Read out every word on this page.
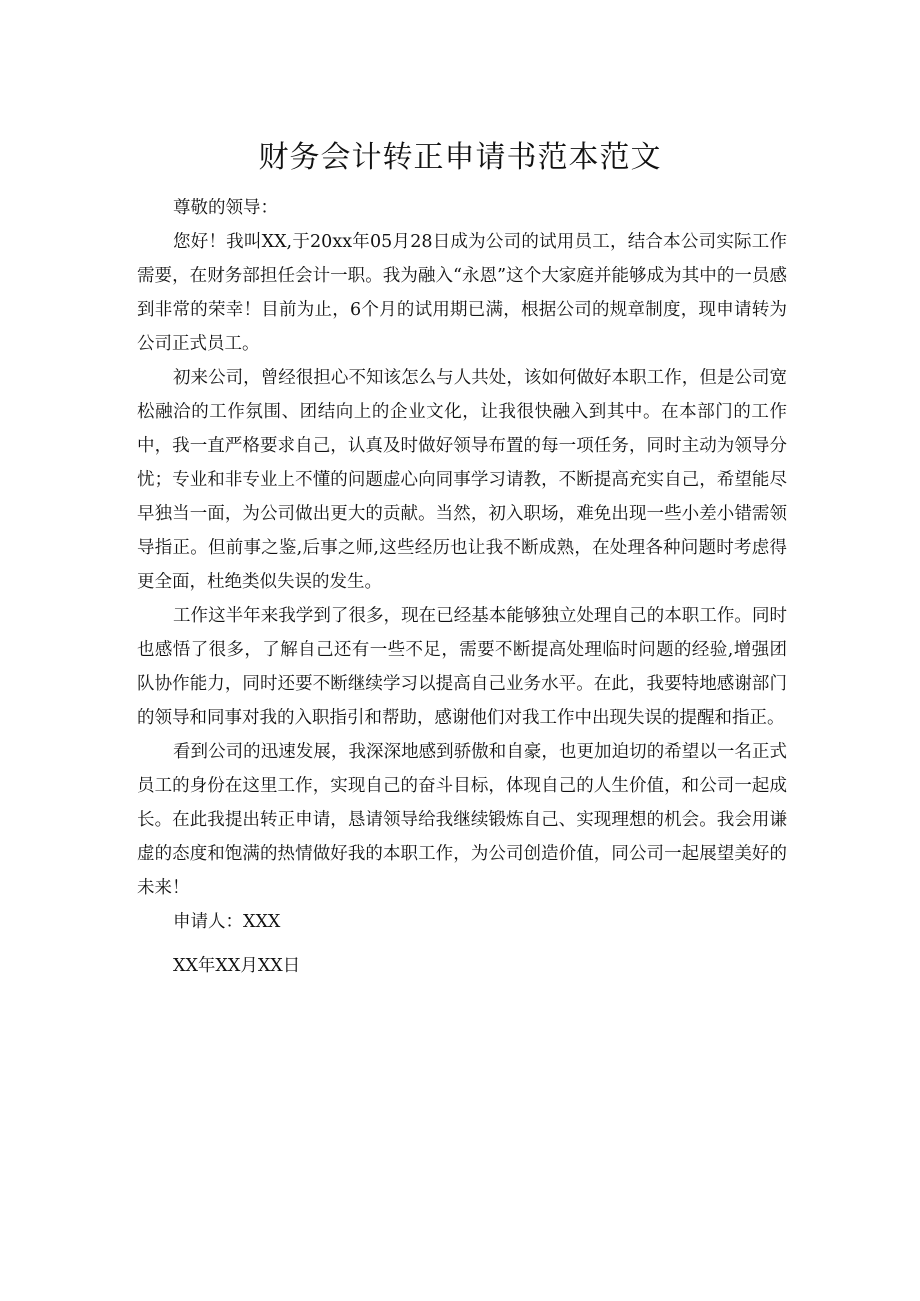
财务会计转正申请书范本范文

尊敬的领导：

您好！我叫XX,于20xx年05月28日成为公司的试用员工，结合本公司实际工作需要，在财务部担任会计一职。我为融入“永恩”这个大家庭并能够成为其中的一员感到非常的荣幸！目前为止，6个月的试用期已满，根据公司的规章制度，现申请转为公司正式员工。

初来公司，曾经很担心不知该怎么与人共处，该如何做好本职工作，但是公司宽松融洽的工作氛围、团结向上的企业文化，让我很快融入到其中。在本部门的工作中，我一直严格要求自己，认真及时做好领导布置的每一项任务，同时主动为领导分忧；专业和非专业上不懂的问题虚心向同事学习请教，不断提高充实自己，希望能尽早独当一面，为公司做出更大的贡献。当然，初入职场，难免出现一些小差小错需领导指正。但前事之鉴,后事之师,这些经历也让我不断成熟，在处理各种问题时考虑得更全面，杜绝类似失误的发生。

工作这半年来我学到了很多，现在已经基本能够独立处理自己的本职工作。同时也感悟了很多，了解自己还有一些不足，需要不断提高处理临时问题的经验,增强团队协作能力，同时还要不断继续学习以提高自己业务水平。在此，我要特地感谢部门的领导和同事对我的入职指引和帮助，感谢他们对我工作中出现失误的提醒和指正。

看到公司的迅速发展，我深深地感到骄傲和自豪，也更加迫切的希望以一名正式员工的身份在这里工作，实现自己的奋斗目标，体现自己的人生价值，和公司一起成长。在此我提出转正申请，恳请领导给我继续锻炼自己、实现理想的机会。我会用谦虚的态度和饱满的热情做好我的本职工作，为公司创造价值，同公司一起展望美好的未来！

申请人：XXX

XX年XX月XX日
